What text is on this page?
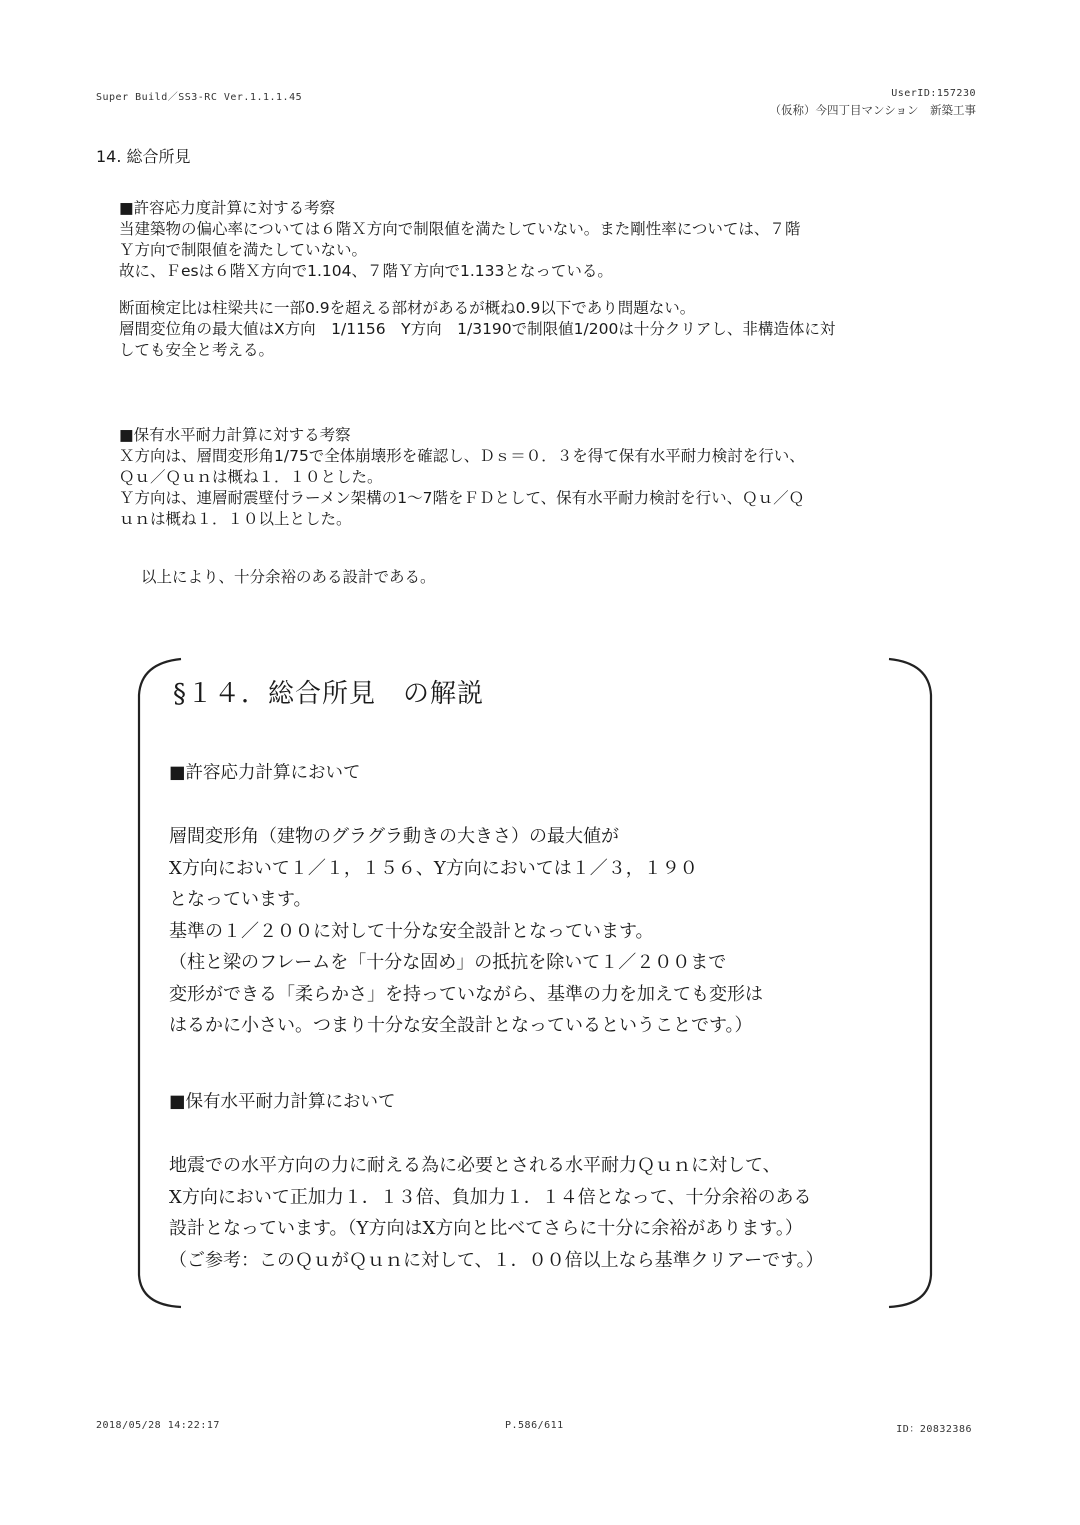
Super Build／SS3-RC Ver.1.1.1.45	UserID:157230
（仮称）今四丁目マンション　新築工事
14. 総合所見
■許容応力度計算に対する考察
当建築物の偏心率については６階Ｘ方向で制限値を満たしていない。また剛性率については、７階
Ｙ方向で制限値を満たしていない。
故に、Ｆesは６階Ｘ方向で1.104、７階Ｙ方向で1.133となっている。
断面検定比は柱梁共に一部0.9を超える部材があるが概ね0.9以下であり問題ない。
層間変位角の最大値はX方向　1/1156　Y方向　1/3190で制限値1/200は十分クリアし、非構造体に対
しても安全と考える。
■保有水平耐力計算に対する考察
Ｘ方向は、層間変形角1/75で全体崩壊形を確認し、Ｄｓ＝０．３を得て保有水平耐力検討を行い、
Ｑｕ／Ｑｕｎは概ね１．１０とした。
Ｙ方向は、連層耐震壁付ラーメン架構の1～7階をＦＤとして、保有水平耐力検討を行い、Ｑｕ／Ｑ
ｕｎは概ね１．１０以上とした。
以上により、十分余裕のある設計である。
§１４．総合所見　の解説
■許容応力計算において
層間変形角（建物のグラグラ動きの大きさ）の最大値が
X方向において１／１，１５６、Y方向においては１／３，１９０
となっています。
基準の１／２００に対して十分な安全設計となっています。
（柱と梁のフレームを「十分な固め」の抵抗を除いて１／２００まで
変形ができる「柔らかさ」を持っていながら、基準の力を加えても変形は
はるかに小さい。つまり十分な安全設計となっているということです。）
■保有水平耐力計算において
地震での水平方向の力に耐える為に必要とされる水平耐力Ｑｕｎに対して、
X方向において正加力１．１３倍、負加力１．１４倍となって、十分余裕のある
設計となっています。（Y方向はX方向と比べてさらに十分に余裕があります。）
（ご参考：このＱｕがＱｕｎに対して、１．００倍以上なら基準クリアーです。）
2018/05/28 14:22:17	P.586/611	ID：20832386
